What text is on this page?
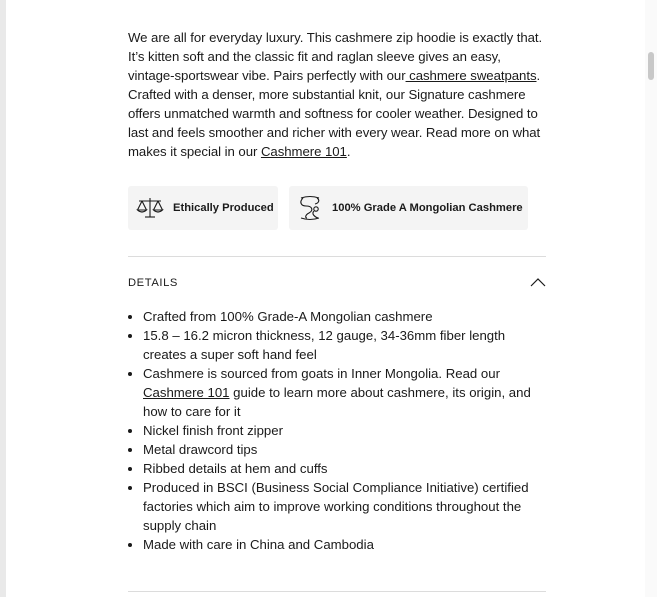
We are all for everyday luxury. This cashmere zip hoodie is exactly that. It’s kitten soft and the classic fit and raglan sleeve gives an easy, vintage-sportswear vibe. Pairs perfectly with our cashmere sweatpants. Crafted with a denser, more substantial knit, our Signature cashmere offers unmatched warmth and softness for cooler weather. Designed to last and feels smoother and richer with every wear. Read more on what makes it special in our Cashmere 101.

Ethically Produced	100% Grade A Mongolian Cashmere
DETAILS
• Crafted from 100% Grade-A Mongolian cashmere
• 15.8 – 16.2 micron thickness, 12 gauge, 34-36mm fiber length creates a super soft hand feel
• Cashmere is sourced from goats in Inner Mongolia. Read our Cashmere 101 guide to learn more about cashmere, its origin, and how to care for it
• Nickel finish front zipper
• Metal drawcord tips
• Ribbed details at hem and cuffs
• Produced in BSCI (Business Social Compliance Initiative) certified factories which aim to improve working conditions throughout the supply chain
• Made with care in China and Cambodia
